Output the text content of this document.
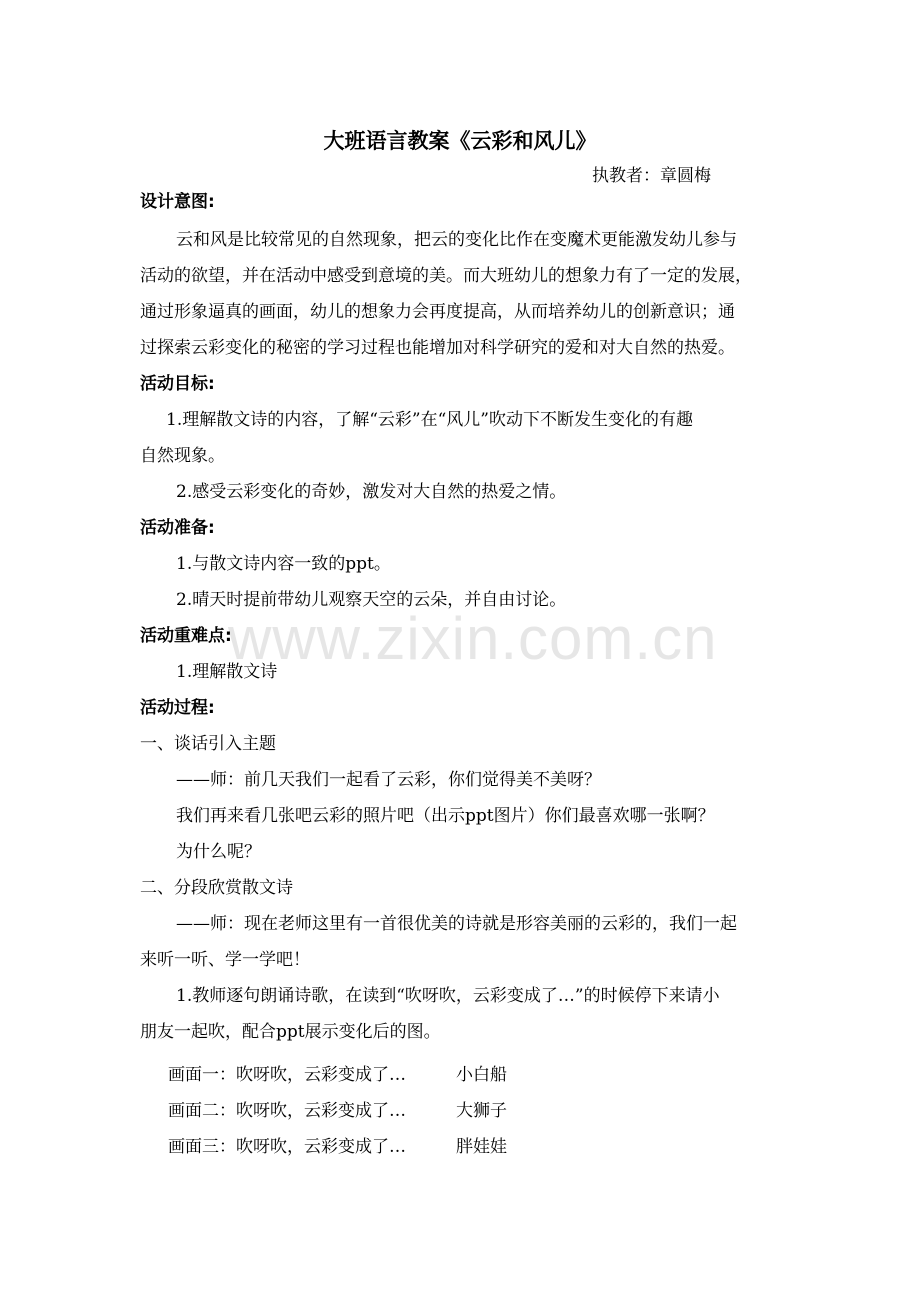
大班语言教案《云彩和风儿》
执教者：章圆梅
www.zixin.com.cn
设计意图:
云和风是比较常见的自然现象，把云的变化比作在变魔术更能激发幼儿参与
活动的欲望，并在活动中感受到意境的美。而大班幼儿的想象力有了一定的发展，
通过形象逼真的画面，幼儿的想象力会再度提高，从而培养幼儿的创新意识；通
过探索云彩变化的秘密的学习过程也能增加对科学研究的爱和对大自然的热爱。
活动目标:
1.理解散文诗的内容，了解“云彩”在“风儿”吹动下不断发生变化的有趣
自然现象。
2.感受云彩变化的奇妙，激发对大自然的热爱之情。
活动准备:
1.与散文诗内容一致的ppt。
2.晴天时提前带幼儿观察天空的云朵，并自由讨论。
活动重难点:
1.理解散文诗
活动过程:
一、谈话引入主题
——师：前几天我们一起看了云彩，你们觉得美不美呀？
我们再来看几张吧云彩的照片吧（出示ppt图片）你们最喜欢哪一张啊？
为什么呢？
二、分段欣赏散文诗
——师：现在老师这里有一首很优美的诗就是形容美丽的云彩的，我们一起
来听一听、学一学吧！
1.教师逐句朗诵诗歌，在读到“吹呀吹，云彩变成了…”的时候停下来请小
朋友一起吹，配合ppt展示变化后的图。
画面一：吹呀吹，云彩变成了…	小白船
画面二：吹呀吹，云彩变成了…	大狮子
画面三：吹呀吹，云彩变成了…	胖娃娃
